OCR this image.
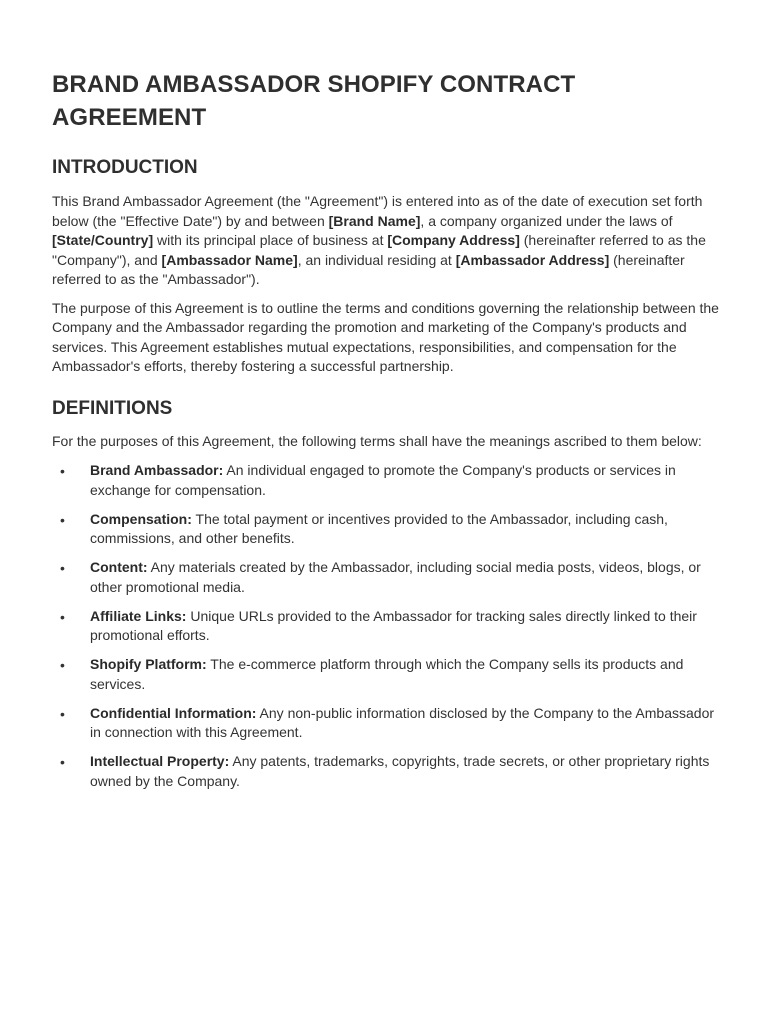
BRAND AMBASSADOR SHOPIFY CONTRACT AGREEMENT
INTRODUCTION

This Brand Ambassador Agreement (the "Agreement") is entered into as of the date of execution set forth below (the "Effective Date") by and between [Brand Name], a company organized under the laws of [State/Country] with its principal place of business at [Company Address] (hereinafter referred to as the "Company"), and [Ambassador Name], an individual residing at [Ambassador Address] (hereinafter referred to as the "Ambassador").

The purpose of this Agreement is to outline the terms and conditions governing the relationship between the Company and the Ambassador regarding the promotion and marketing of the Company's products and services. This Agreement establishes mutual expectations, responsibilities, and compensation for the Ambassador's efforts, thereby fostering a successful partnership.

DEFINITIONS

For the purposes of this Agreement, the following terms shall have the meanings ascribed to them below:

• Brand Ambassador: An individual engaged to promote the Company's products or services in exchange for compensation.
• Compensation: The total payment or incentives provided to the Ambassador, including cash, commissions, and other benefits.
• Content: Any materials created by the Ambassador, including social media posts, videos, blogs, or other promotional media.
• Affiliate Links: Unique URLs provided to the Ambassador for tracking sales directly linked to their promotional efforts.
• Shopify Platform: The e-commerce platform through which the Company sells its products and services.
• Confidential Information: Any non-public information disclosed by the Company to the Ambassador in connection with this Agreement.
• Intellectual Property: Any patents, trademarks, copyrights, trade secrets, or other proprietary rights owned by the Company.
